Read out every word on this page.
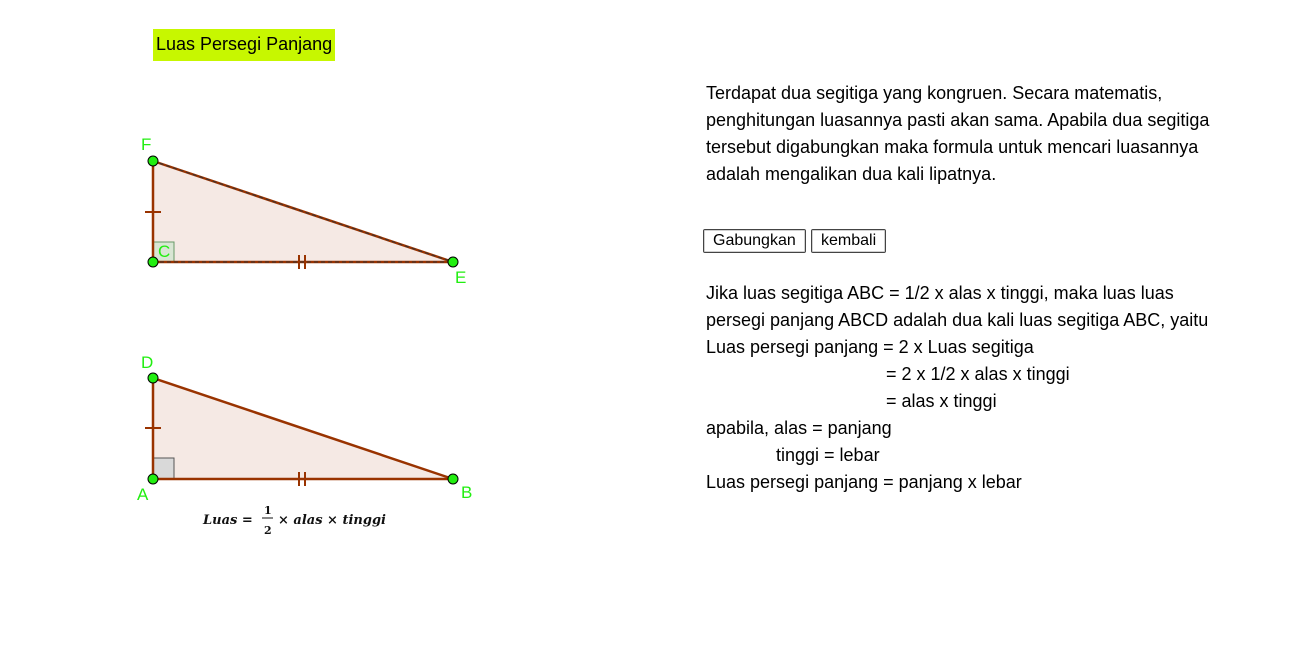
F
C
E
D
A	B
Luas =
1
2
× alas × tinggi
Luas Persegi Panjang
Terdapat dua segitiga yang kongruen. Secara matematis,
penghitungan luasannya pasti akan sama. Apabila dua segitiga
tersebut digabungkan maka formula untuk mencari luasannya
adalah mengalikan dua kali lipatnya.
Gabungkan	kembali
Jika luas segitiga ABC = 1/2 x alas x tinggi, maka luas luas
persegi panjang ABCD adalah dua kali luas segitiga ABC, yaitu
Luas persegi panjang = 2 x Luas segitiga
= 2 x 1/2 x alas x tinggi
= alas x tinggi
apabila, alas = panjang
tinggi = lebar
Luas persegi panjang = panjang x lebar
